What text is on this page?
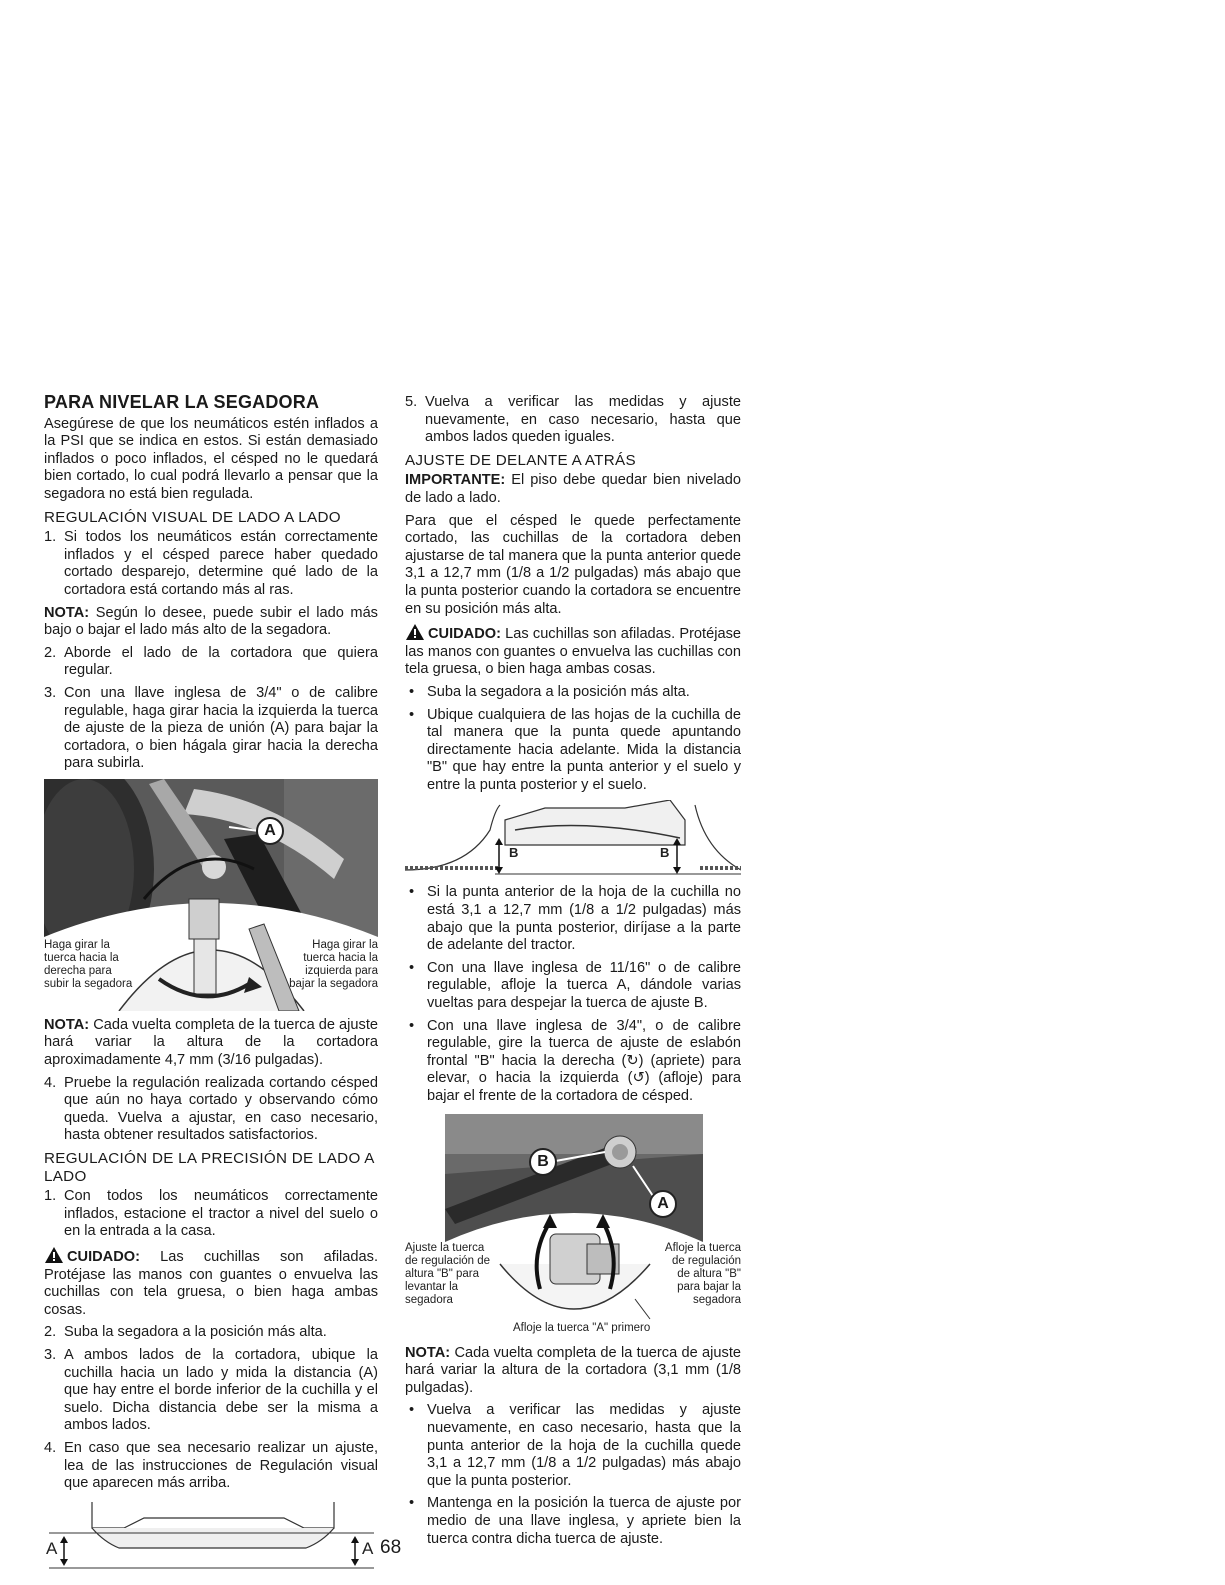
PARA NIVELAR LA SEGADORA

Asegúrese de que los neumáticos estén inflados a la PSI que se indica en estos. Si están demasiado inflados o poco inflados, el césped no le quedará bien cortado, lo cual podrá llevarlo a pensar que la segadora no está bien regulada.

REGULACIÓN VISUAL DE LADO A LADO
1. Si todos los neumáticos están correctamente inflados y el césped parece haber quedado cortado desparejo, determine qué lado de la cortadora está cortando más al ras.

NOTA: Según lo desee, puede subir el lado más bajo o bajar el lado más alto de la segadora.

2. Aborde el lado de la cortadora que quiera regular.
3. Con una llave inglesa de 3/4" o de calibre regulable, haga girar hacia la izquierda la tuerca de ajuste de la pieza de unión (A) para bajar la cortadora, o bien hágala girar hacia la derecha para subirla.
A
Haga girar la tuerca hacia la derecha para subir la segadora
Haga girar la tuerca hacia la izquierda para bajar la segadora

NOTA: Cada vuelta completa de la tuerca de ajuste hará variar la altura de la cortadora aproximadamente 4,7 mm (3/16 pulgadas).

4. Pruebe la regulación realizada cortando césped que aún no haya cortado y observando cómo queda. Vuelva a ajustar, en caso necesario, hasta obtener resultados satisfactorios.
REGULACIÓN DE LA PRECISIÓN DE LADO A LADO
1. Con todos los neumáticos correctamente inflados, estacione el tractor a nivel del suelo o en la entrada a la casa.

CUIDADO: Las cuchillas son afiladas. Protéjase las manos con guantes o envuelva las cuchillas con tela gruesa, o bien haga ambas cosas.

2. Suba la segadora a la posición más alta.
3. A ambos lados de la cortadora, ubique la cuchilla hacia un lado y mida la distancia (A) que hay entre el borde inferior de la cuchilla y el suelo. Dicha distancia debe ser la misma a ambos lados.
4. En caso que sea necesario realizar un ajuste, lea de las instrucciones de Regulación visual que aparecen más arriba.
A	A
5. Vuelva a verificar las medidas y ajuste nuevamente, en caso necesario, hasta que ambos lados queden iguales.
AJUSTE DE DELANTE A ATRÁS

IMPORTANTE: El piso debe quedar bien nivelado de lado a lado.

Para que el césped le quede perfectamente cortado, las cuchillas de la cortadora deben ajustarse de tal manera que la punta anterior quede 3,1 a 12,7 mm (1/8 a 1/2 pulgadas) más abajo que la punta posterior cuando la cortadora se encuentre en su posición más alta.

CUIDADO: Las cuchillas son afiladas. Protéjase las manos con guantes o envuelva las cuchillas con tela gruesa, o bien haga ambas cosas.

• Suba la segadora a la posición más alta.
• Ubique cualquiera de las hojas de la cuchilla de tal manera que la punta quede apuntando directamente hacia adelante. Mida la distancia "B" que hay entre la punta anterior y el suelo y entre la punta posterior y el suelo.
B	B
• Si la punta anterior de la hoja de la cuchilla no está 3,1 a 12,7 mm (1/8 a 1/2 pulgadas) más abajo que la punta posterior, diríjase a la parte de adelante del tractor.
• Con una llave inglesa de 11/16" o de calibre regulable, afloje la tuerca A, dándole varias vueltas para despejar la tuerca de ajuste B.
• Con una llave inglesa de 3/4", o de calibre regulable, gire la tuerca de ajuste de eslabón frontal "B" hacia la derecha (↻) (apriete) para elevar, o hacia la izquierda (↺) (afloje) para bajar el frente de la cortadora de césped.
B
A
Ajuste la tuerca de regulación de altura "B" para levantar la segadora
Afloje la tuerca de regulación de altura "B" para bajar la segadora
Afloje la tuerca "A" primero

NOTA: Cada vuelta completa de la tuerca de ajuste hará variar la altura de la cortadora (3,1 mm (1/8 pulgadas).

• Vuelva a verificar las medidas y ajuste nuevamente, en caso necesario, hasta que la punta anterior de la hoja de la cuchilla quede 3,1 a 12,7 mm (1/8 a 1/2 pulgadas) más abajo que la punta posterior.
• Mantenga en la posición la tuerca de ajuste por medio de una llave inglesa, y apriete bien la tuerca contra dicha tuerca de ajuste.
68
